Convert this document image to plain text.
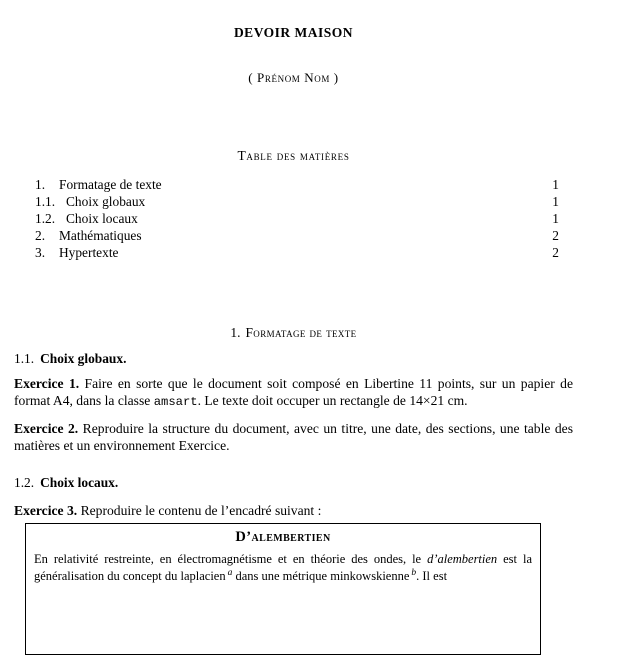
DEVOIR MAISON
( Prénom Nom )
Table des matières
1.	Formatage de texte	1
1.1. Choix globaux	1
1.2. Choix locaux	1
2.	Mathématiques	2
3.	Hypertexte	2
1. Formatage de texte
1.1. Choix globaux.

Exercice 1. Faire en sorte que le document soit composé en Libertine 11 points, sur un papier de format A4, dans la classe amsart. Le texte doit occuper un rectangle de 14×21 cm.

Exercice 2. Reproduire la structure du document, avec un titre, une date, des sections, une table des matières et un environnement Exercice.

1.2. Choix locaux.

Exercice 3. Reproduire le contenu de l’encadré suivant :

D’alembertien

En relativité restreinte, en électromagnétisme et en théorie des ondes, le d’alembertien est la généralisation du concept du laplacien $^a$ dans une métrique minkowskienne $^b$. Il est
